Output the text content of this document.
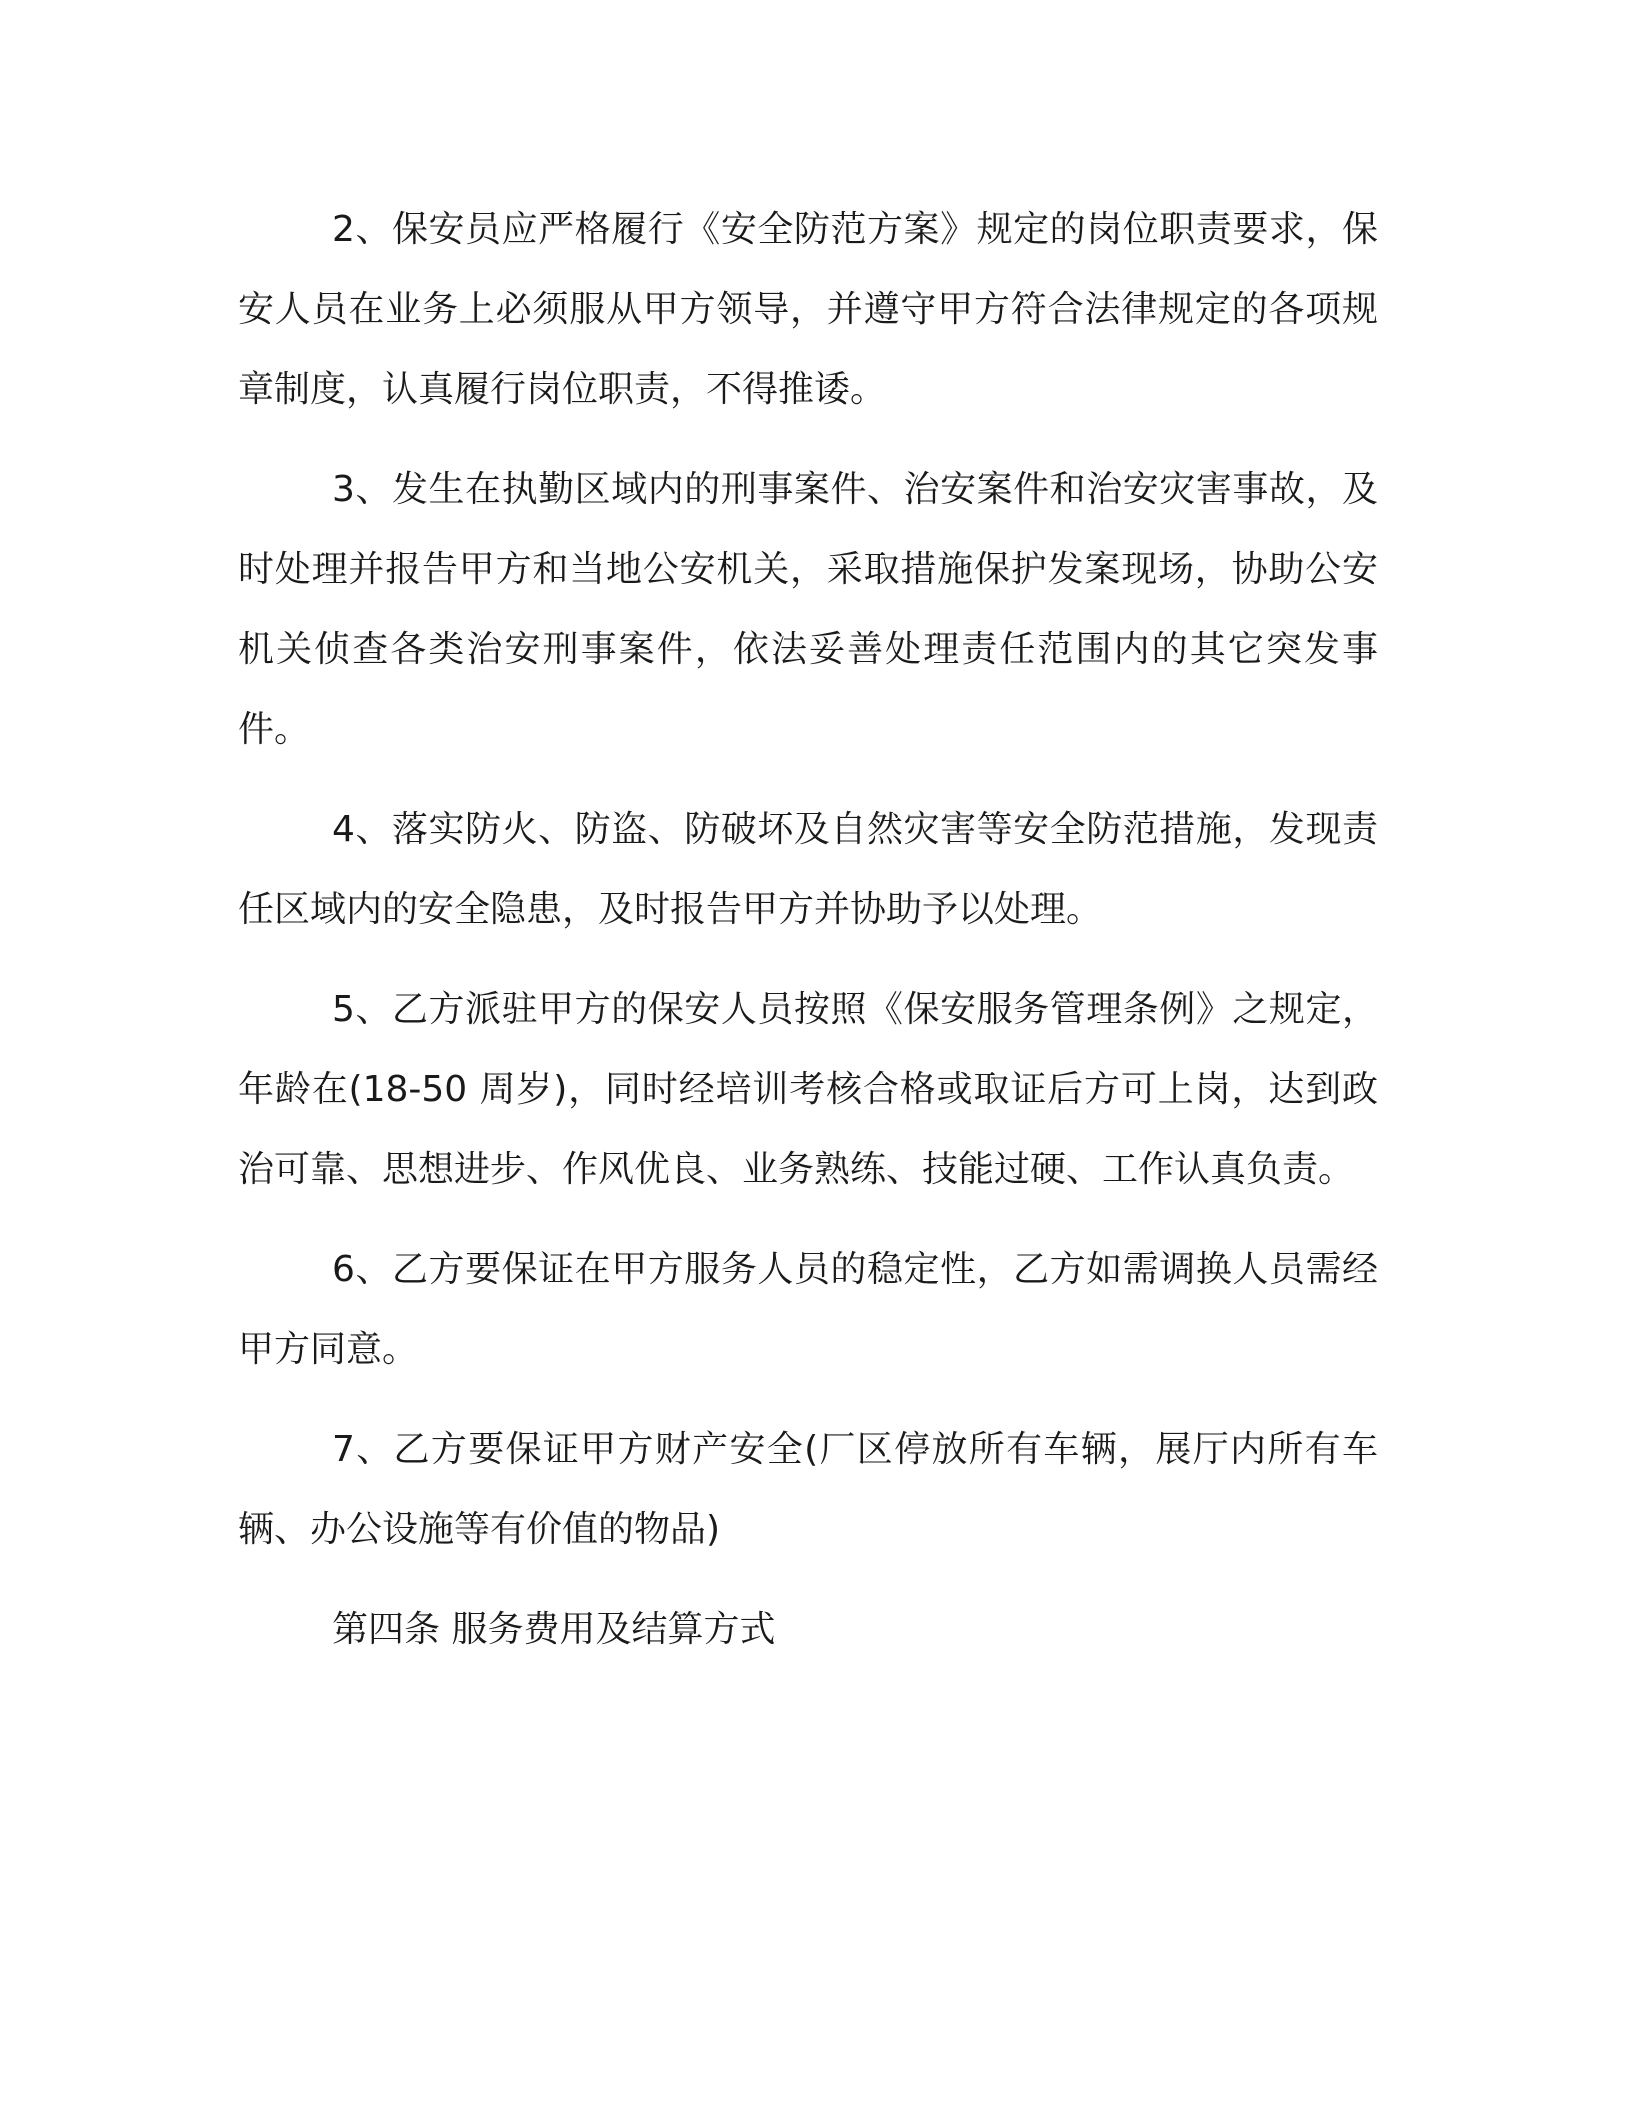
2、保安员应严格履行《安全防范方案》规定的岗位职责要求，保安人员在业务上必须服从甲方领导，并遵守甲方符合法律规定的各项规章制度，认真履行岗位职责，不得推诿。

3、发生在执勤区域内的刑事案件、治安案件和治安灾害事故，及时处理并报告甲方和当地公安机关，采取措施保护发案现场，协助公安机关侦查各类治安刑事案件，依法妥善处理责任范围内的其它突发事件。

4、落实防火、防盗、防破坏及自然灾害等安全防范措施，发现责任区域内的安全隐患，及时报告甲方并协助予以处理。

5、乙方派驻甲方的保安人员按照《保安服务管理条例》之规定，年龄在(18-50 周岁)，同时经培训考核合格或取证后方可上岗，达到政治可靠、思想进步、作风优良、业务熟练、技能过硬、工作认真负责。

6、乙方要保证在甲方服务人员的稳定性，乙方如需调换人员需经甲方同意。

7、乙方要保证甲方财产安全(厂区停放所有车辆，展厅内所有车辆、办公设施等有价值的物品)

第四条 服务费用及结算方式
